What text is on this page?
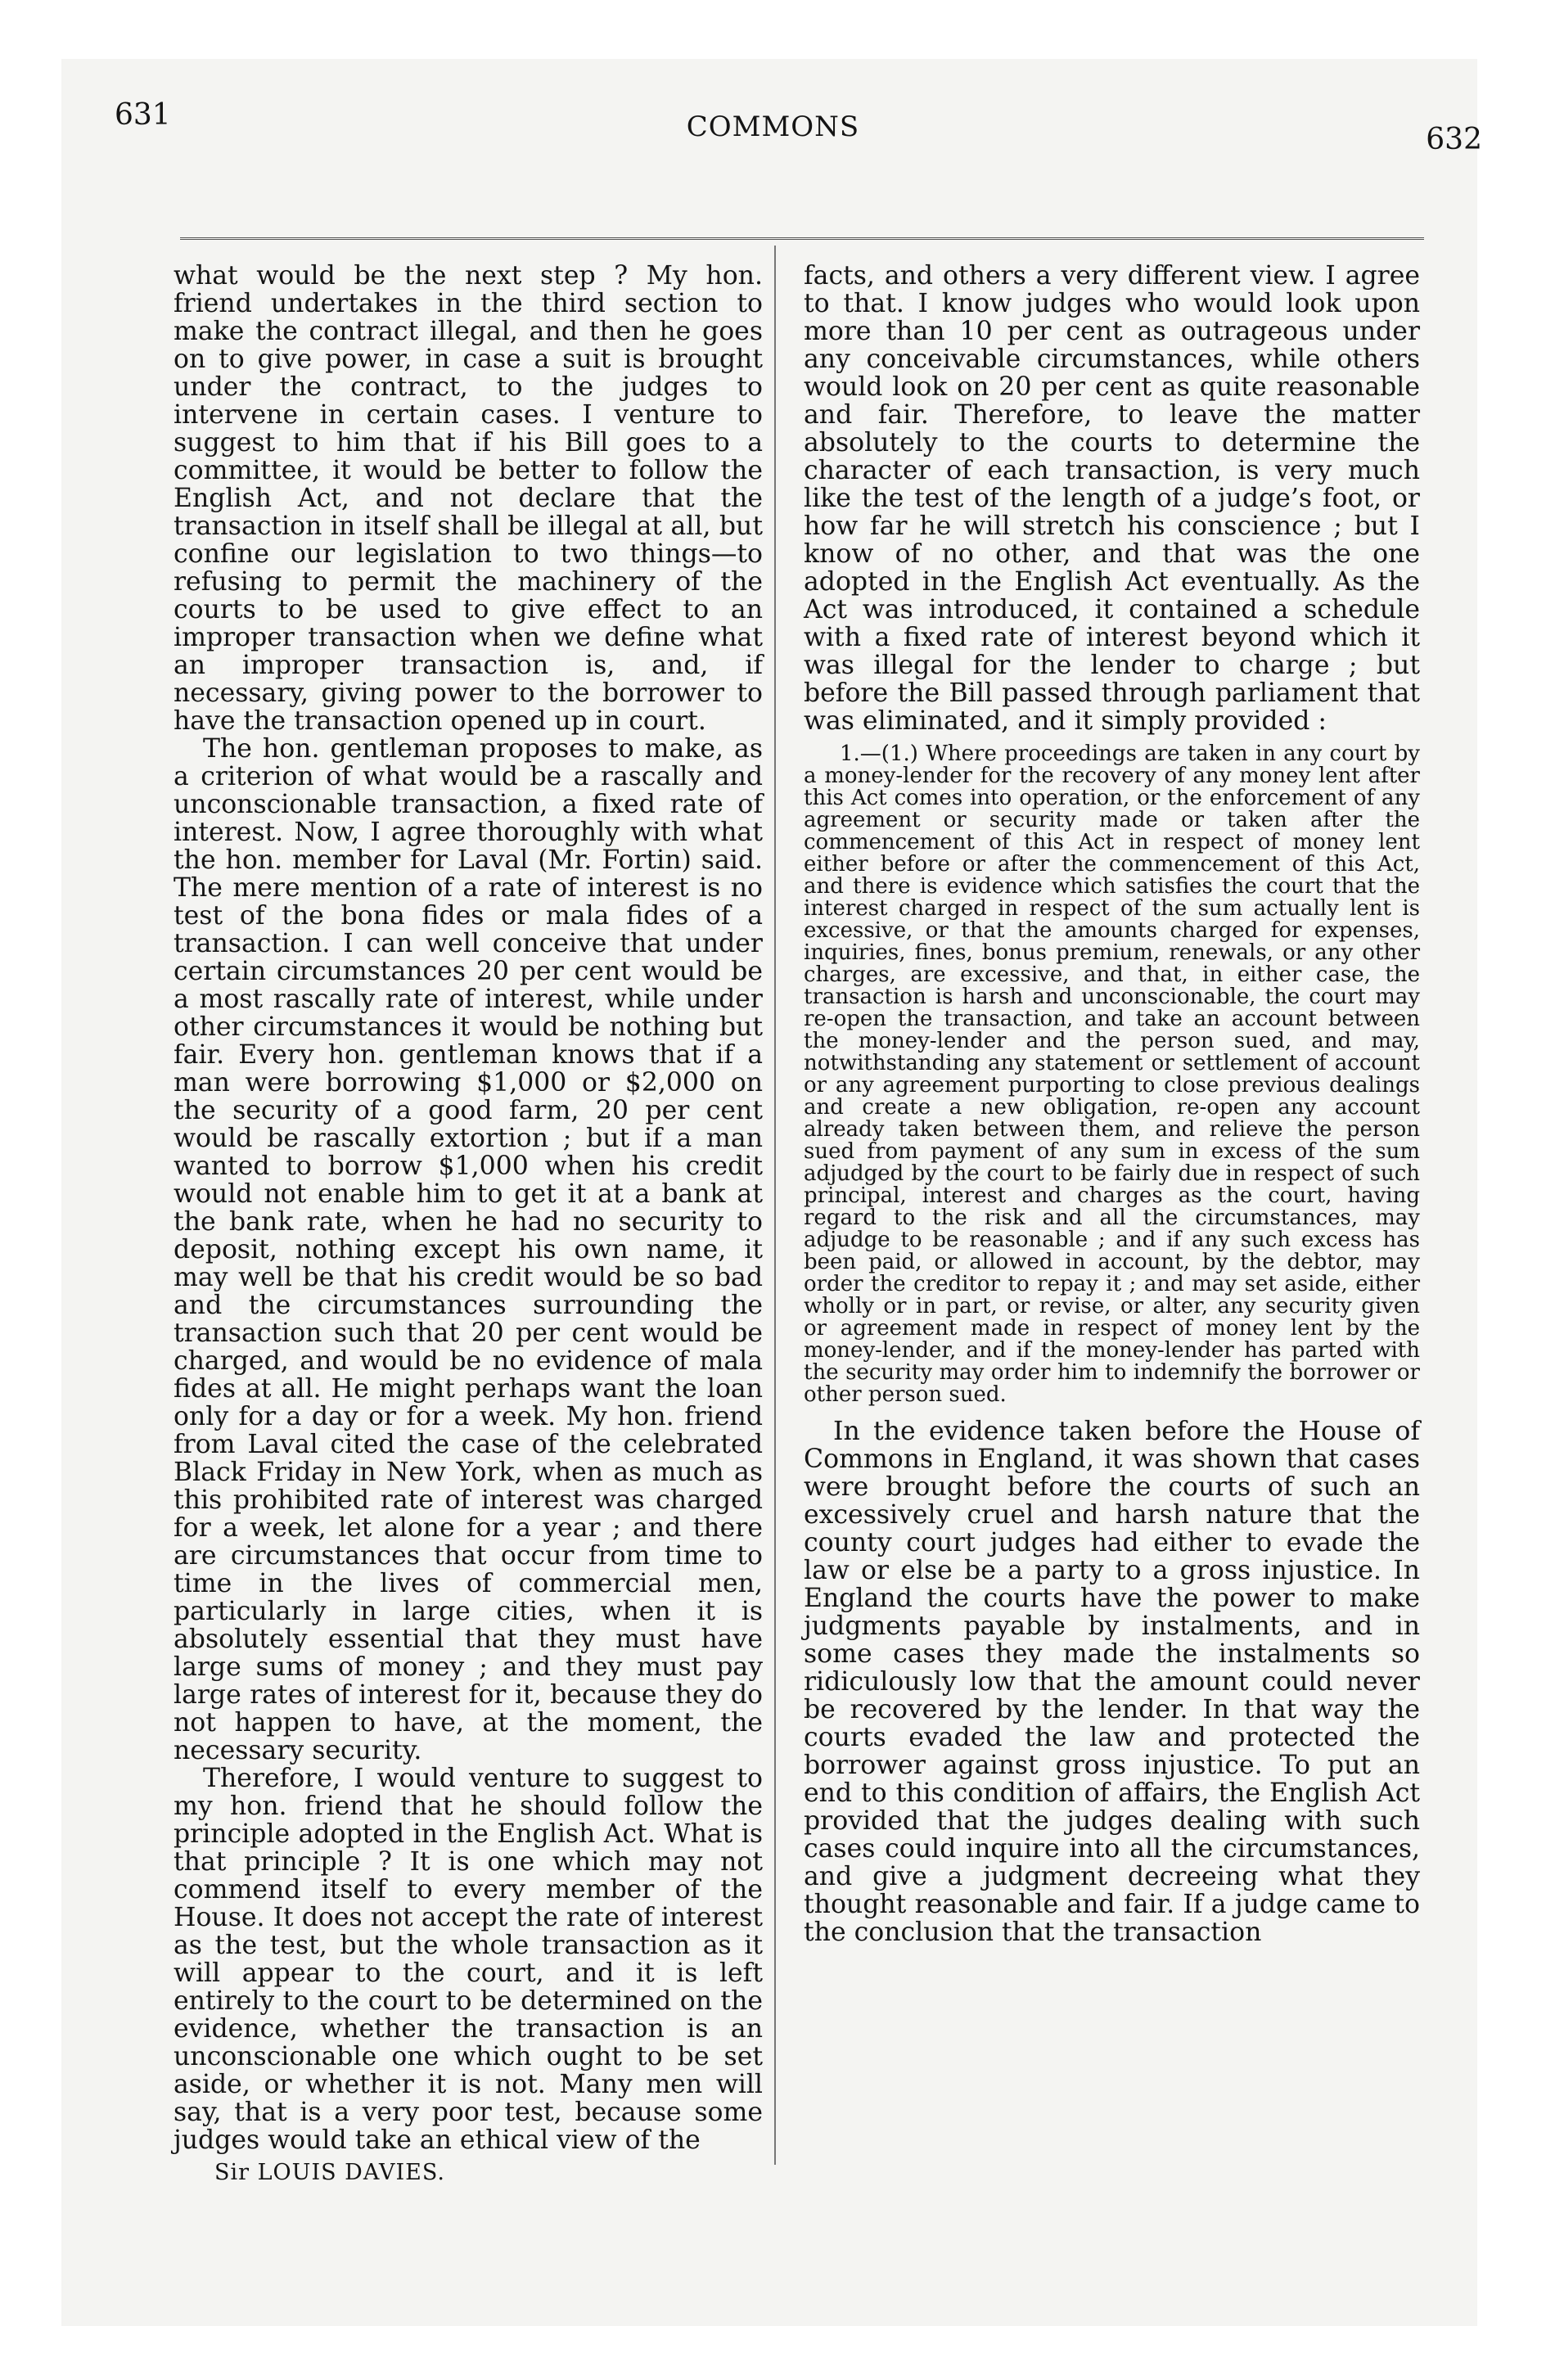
631	COMMONS	632

what would be the next step ? My hon. friend undertakes in the third section to make the contract illegal, and then he goes on to give power, in case a suit is brought under the contract, to the judges to intervene in certain cases. I venture to suggest to him that if his Bill goes to a committee, it would be better to follow the English Act, and not declare that the transaction in itself shall be illegal at all, but confine our legislation to two things—to refusing to permit the machinery of the courts to be used to give effect to an improper transaction when we define what an improper transaction is, and, if necessary, giving power to the borrower to have the transaction opened up in court.

The hon. gentleman proposes to make, as a criterion of what would be a rascally and unconscionable transaction, a fixed rate of interest. Now, I agree thoroughly with what the hon. member for Laval (Mr. Fortin) said. The mere mention of a rate of interest is no test of the bona fides or mala fides of a transaction. I can well conceive that under certain circumstances 20 per cent would be a most rascally rate of interest, while under other circumstances it would be nothing but fair. Every hon. gentleman knows that if a man were borrowing $1,000 or $2,000 on the security of a good farm, 20 per cent would be rascally extortion ; but if a man wanted to borrow $1,000 when his credit would not enable him to get it at a bank at the bank rate, when he had no security to deposit, nothing except his own name, it may well be that his credit would be so bad and the circumstances surrounding the transaction such that 20 per cent would be charged, and would be no evidence of mala fides at all. He might perhaps want the loan only for a day or for a week. My hon. friend from Laval cited the case of the celebrated Black Friday in New York, when as much as this prohibited rate of interest was charged for a week, let alone for a year ; and there are circumstances that occur from time to time in the lives of commercial men, particularly in large cities, when it is absolutely essential that they must have large sums of money ; and they must pay large rates of interest for it, because they do not happen to have, at the moment, the necessary security.

Therefore, I would venture to suggest to my hon. friend that he should follow the principle adopted in the English Act. What is that principle ? It is one which may not commend itself to every member of the House. It does not accept the rate of interest as the test, but the whole transaction as it will appear to the court, and it is left entirely to the court to be determined on the evidence, whether the transaction is an unconscionable one which ought to be set aside, or whether it is not. Many men will say, that is a very poor test, because some judges would take an ethical view of the

Sir LOUIS DAVIES.

facts, and others a very different view. I agree to that. I know judges who would look upon more than 10 per cent as outrageous under any conceivable circumstances, while others would look on 20 per cent as quite reasonable and fair. Therefore, to leave the matter absolutely to the courts to determine the character of each transaction, is very much like the test of the length of a judge’s foot, or how far he will stretch his conscience ; but I know of no other, and that was the one adopted in the English Act eventually. As the Act was introduced, it contained a schedule with a fixed rate of interest beyond which it was illegal for the lender to charge ; but before the Bill passed through parliament that was eliminated, and it simply provided :

1.—(1.) Where proceedings are taken in any court by a money-lender for the recovery of any money lent after this Act comes into operation, or the enforcement of any agreement or security made or taken after the commencement of this Act in respect of money lent either before or after the commencement of this Act, and there is evidence which satisfies the court that the interest charged in respect of the sum actually lent is excessive, or that the amounts charged for expenses, inquiries, fines, bonus premium, renewals, or any other charges, are excessive, and that, in either case, the transaction is harsh and unconscionable, the court may re-open the transaction, and take an account between the money-lender and the person sued, and may, notwithstanding any statement or settlement of account or any agreement purporting to close previous dealings and create a new obligation, re-open any account already taken between them, and relieve the person sued from payment of any sum in excess of the sum adjudged by the court to be fairly due in respect of such principal, interest and charges as the court, having regard to the risk and all the circumstances, may adjudge to be reasonable ; and if any such excess has been paid, or allowed in account, by the debtor, may order the creditor to repay it ; and may set aside, either wholly or in part, or revise, or alter, any security given or agreement made in respect of money lent by the money-lender, and if the money-lender has parted with the security may order him to indemnify the borrower or other person sued.

In the evidence taken before the House of Commons in England, it was shown that cases were brought before the courts of such an excessively cruel and harsh nature that the county court judges had either to evade the law or else be a party to a gross injustice. In England the courts have the power to make judgments payable by instalments, and in some cases they made the instalments so ridiculously low that the amount could never be recovered by the lender. In that way the courts evaded the law and protected the borrower against gross injustice. To put an end to this condition of affairs, the English Act provided that the judges dealing with such cases could inquire into all the circumstances, and give a judgment decreeing what they thought reasonable and fair. If a judge came to the conclusion that the transaction
